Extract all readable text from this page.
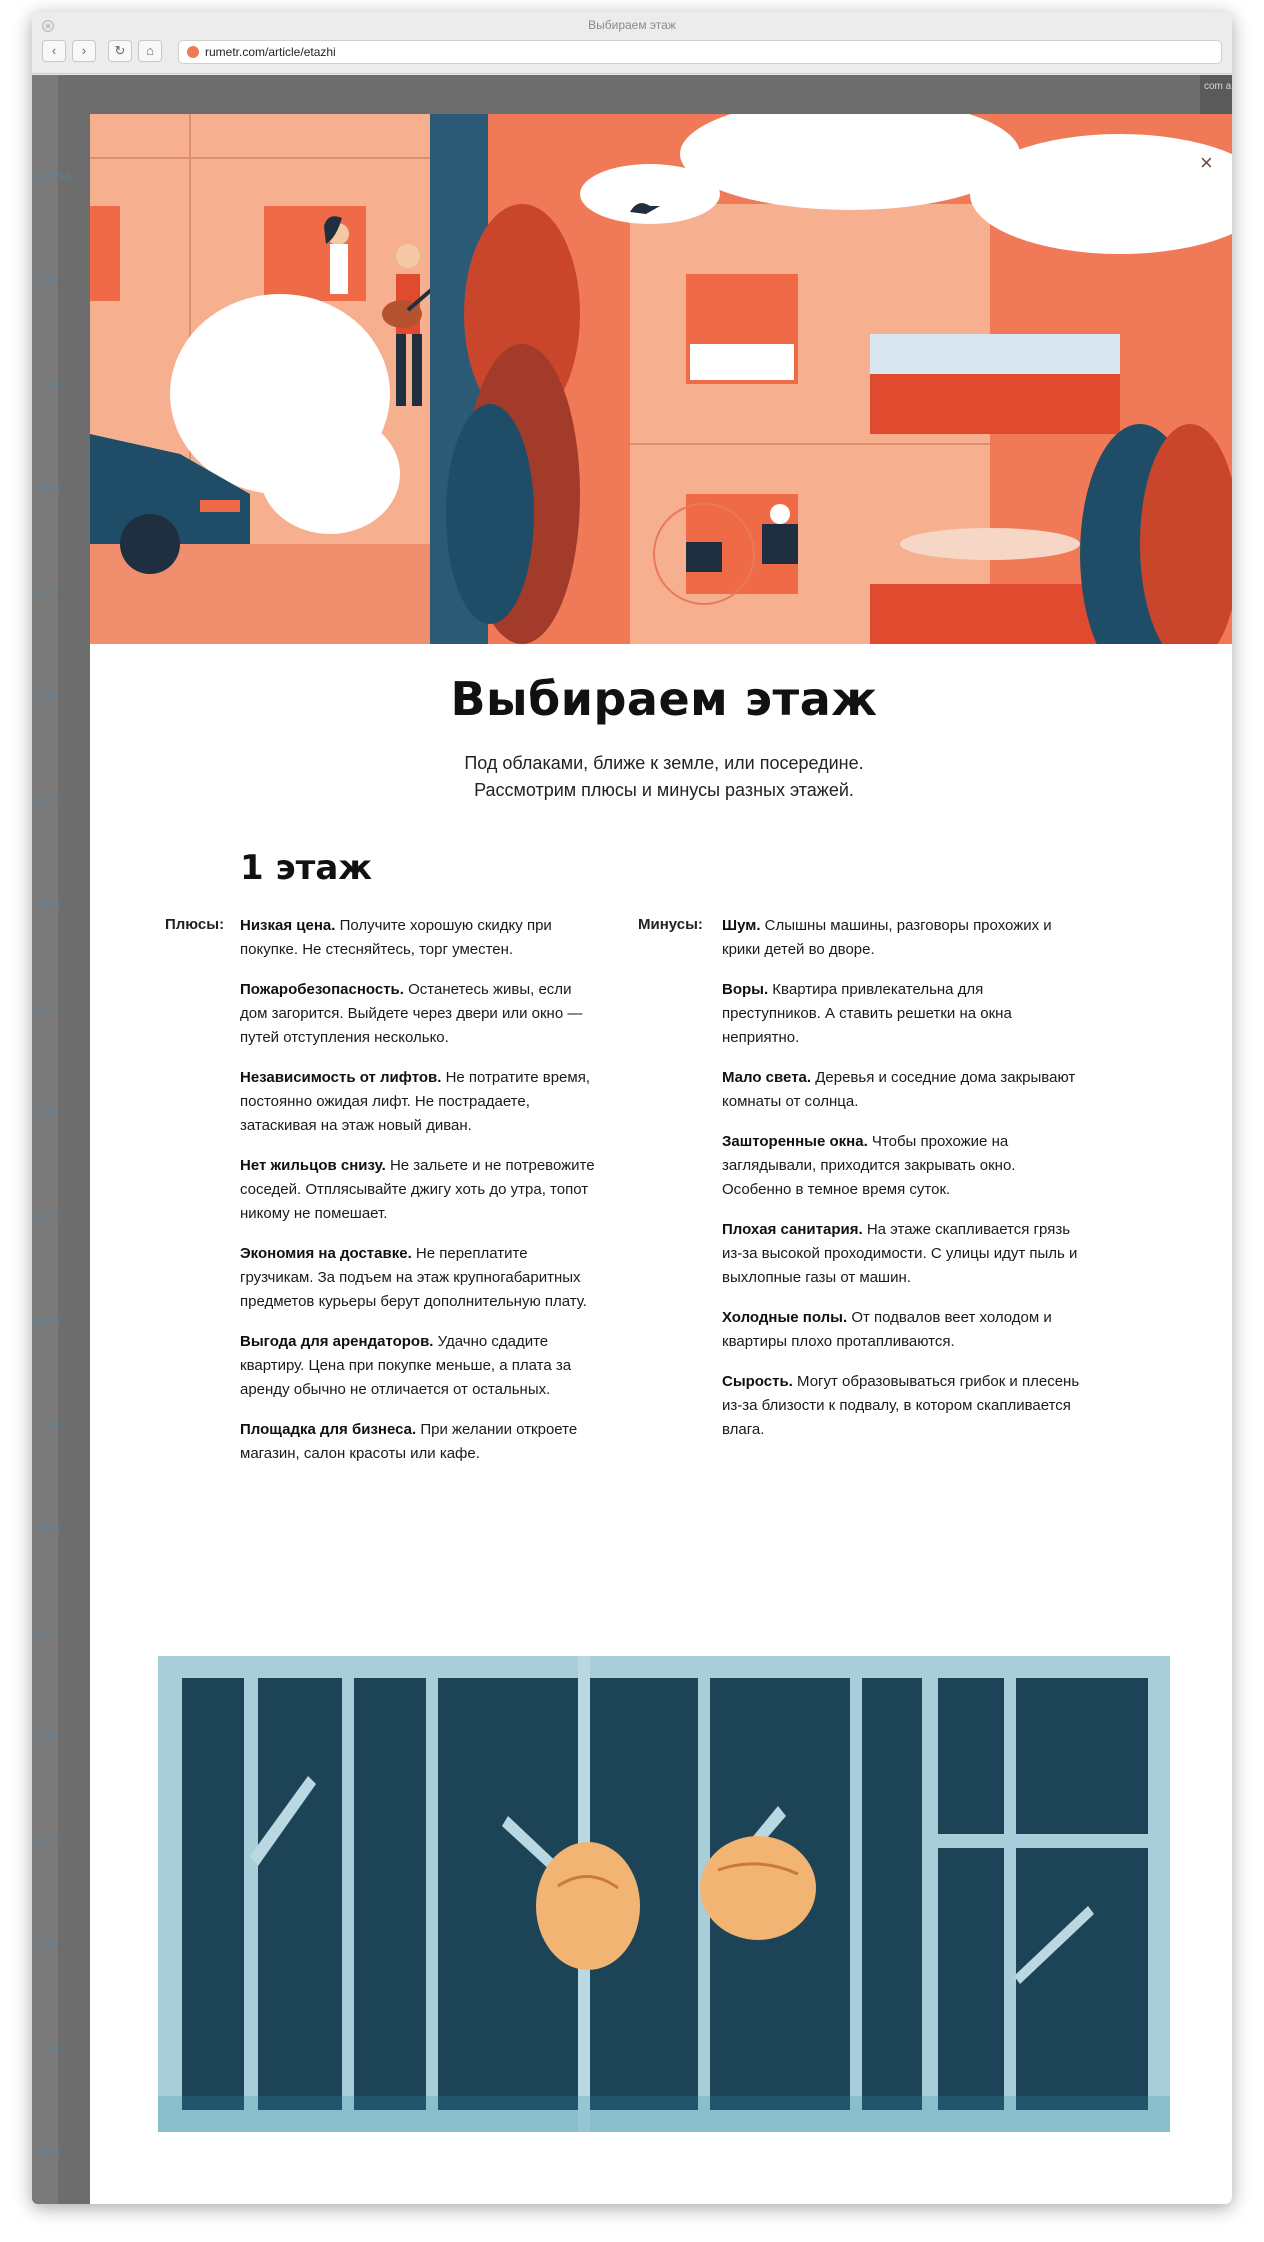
×	Выбираем этаж
‹	›	↻	⌂	rumetr.com/article/etazhi
Smoleń
Gran
Кизн
Елен
Gran
Кизн
Smol
Елен
Gam
Кизн
Smol
Доли
Кизн
Елен
Gam
Кизн
Smol
Gran
Кизн
Елен
com a
×
Выбираем этаж
Под облаками, ближе к земле, или посередине.
Рассмотрим плюсы и минусы разных этажей.
1 этаж
Плюсы:	Минусы:
Низкая цена. Получите хорошую скидку при покупке. Не стесняйтесь, торг уместен.
Пожаробезопасность. Останетесь живы, если дом загорится. Выйдете через двери или окно — путей отступления несколько.
Независимость от лифтов. Не потратите время, постоянно ожидая лифт. Не пострадаете, затаскивая на этаж новый диван.
Нет жильцов снизу. Не зальете и не потревожите соседей. Отплясывайте джигу хоть до утра, топот никому не помешает.
Экономия на доставке. Не переплатите грузчикам. За подъем на этаж крупногабаритных предметов курьеры берут дополнительную плату.
Выгода для арендаторов. Удачно сдадите квартиру. Цена при покупке меньше, а плата за аренду обычно не отличается от остальных.
Площадка для бизнеса. При желании откроете магазин, салон красоты или кафе.
Шум. Слышны машины, разговоры прохожих и крики детей во дворе.
Воры. Квартира привлекательна для преступников. А ставить решетки на окна неприятно.
Мало света. Деревья и соседние дома закрывают комнаты от солнца.
Зашторенные окна. Чтобы прохожие на заглядывали, приходится закрывать окно. Особенно в темное время суток.
Плохая санитария. На этаже скапливается грязь из-за высокой проходимости. С улицы идут пыль и выхлопные газы от машин.
Холодные полы. От подвалов веет холодом и квартиры плохо протапливаются.
Сырость. Могут образовываться грибок и плесень из-за близости к подвалу, в котором скапливается влага.
